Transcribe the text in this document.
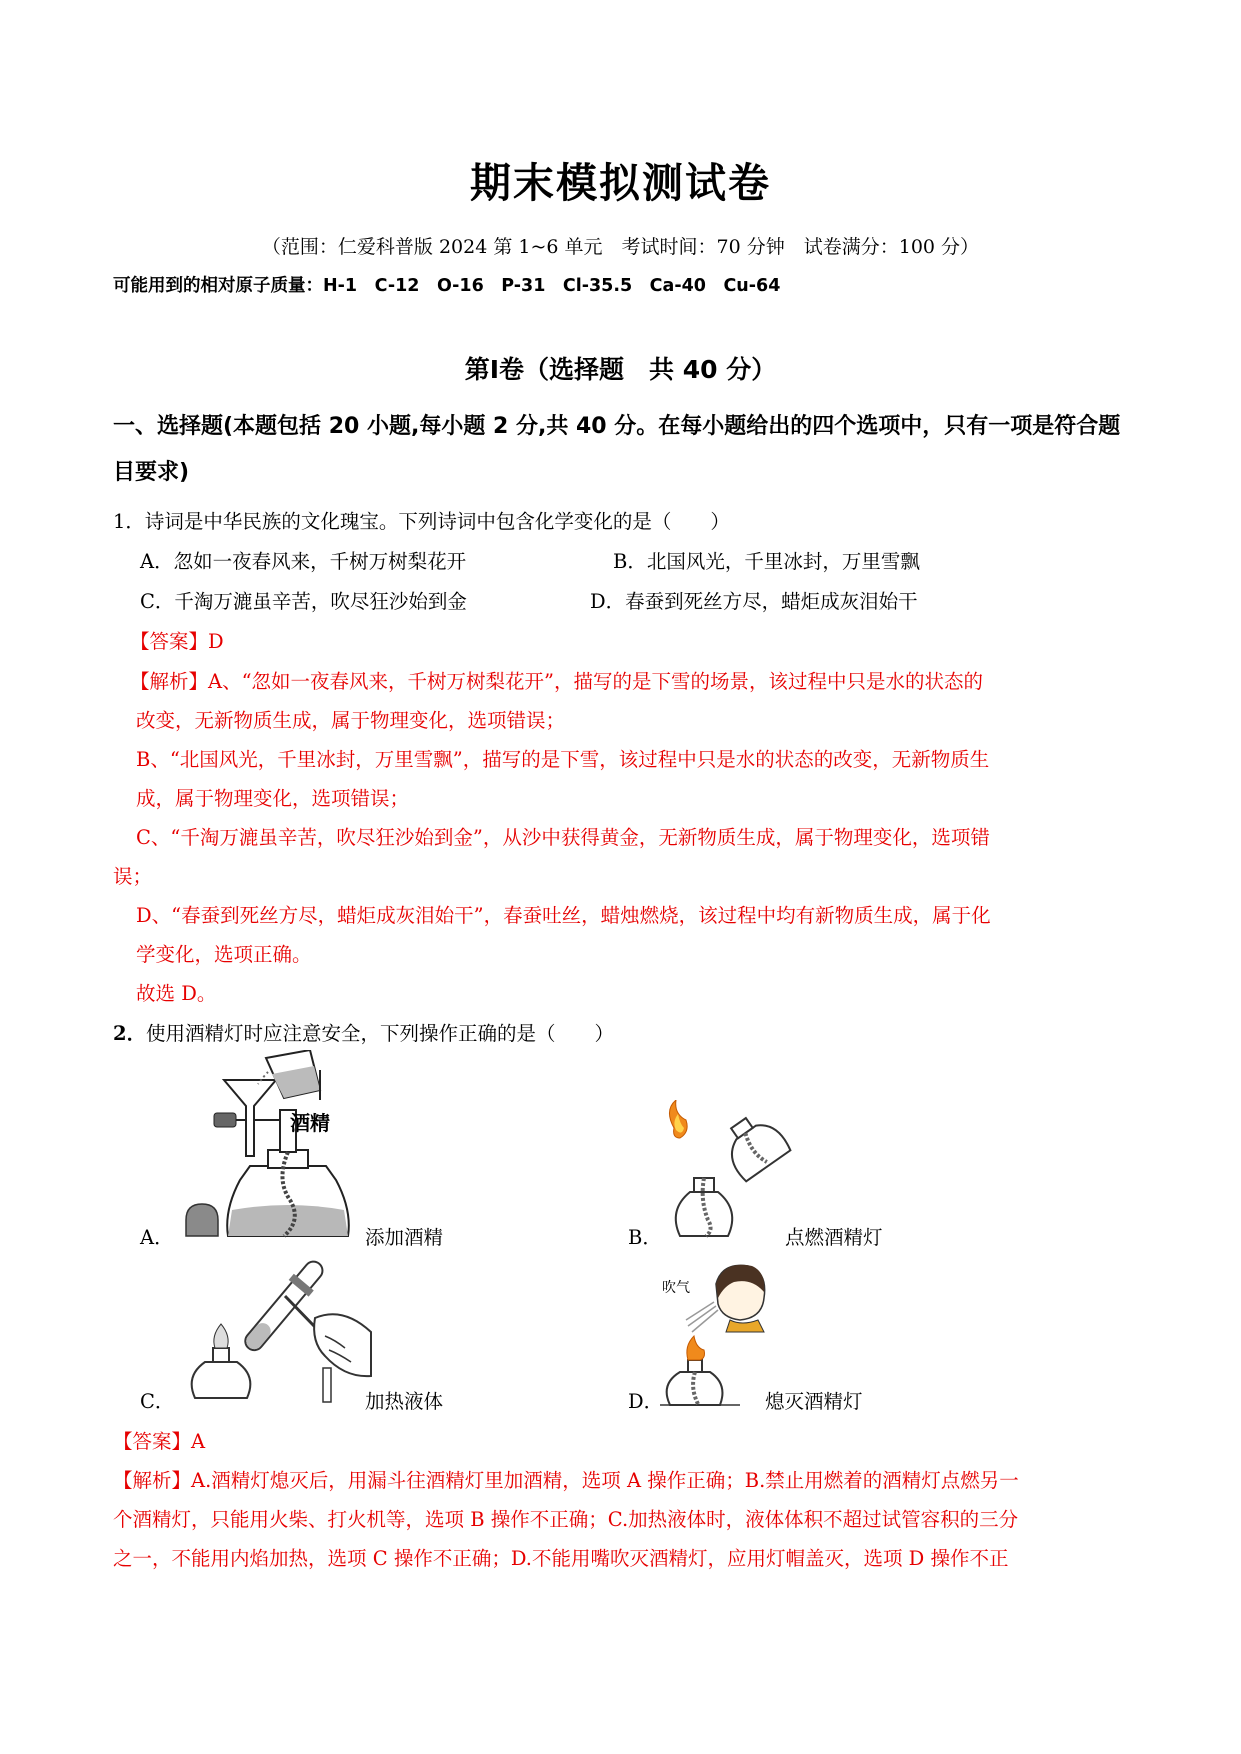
期末模拟测试卷
（范围：仁爱科普版 2024 第 1~6 单元　考试时间：70 分钟　试卷满分：100 分）
可能用到的相对原子质量：H-1　C-12　O-16　P-31　Cl-35.5　Ca-40　Cu-64
第Ⅰ卷（选择题　共 40 分）
一、选择题(本题包括 20 小题,每小题 2 分,共 40 分。在每小题给出的四个选项中，只有一项是符合题目要求)
1．诗词是中华民族的文化瑰宝。下列诗词中包含化学变化的是（　　）
A．忽如一夜春风来，千树万树梨花开	B．北国风光，千里冰封，万里雪飘
C．千淘万漉虽辛苦，吹尽狂沙始到金	D．春蚕到死丝方尽，蜡炬成灰泪始干
【答案】D
【解析】A、“忽如一夜春风来，千树万树梨花开”，描写的是下雪的场景，该过程中只是水的状态的
改变，无新物质生成，属于物理变化，选项错误；
B、“北国风光，千里冰封，万里雪飘”，描写的是下雪，该过程中只是水的状态的改变，无新物质生
成，属于物理变化，选项错误；
C、“千淘万漉虽辛苦，吹尽狂沙始到金”，从沙中获得黄金，无新物质生成，属于物理变化，选项错
误；
D、“春蚕到死丝方尽，蜡炬成灰泪始干”，春蚕吐丝，蜡烛燃烧，该过程中均有新物质生成，属于化
学变化，选项正确。
故选 D。
2． 使用酒精灯时应注意安全，下列操作正确的是（　　）
酒精
A．	添加酒精	B．	点燃酒精灯
C．	加热液体
吹气
D．	熄灭酒精灯
【答案】A
【解析】A.酒精灯熄灭后，用漏斗往酒精灯里加酒精，选项 A 操作正确；B.禁止用燃着的酒精灯点燃另一
个酒精灯，只能用火柴、打火机等，选项 B 操作不正确；C.加热液体时，液体体积不超过试管容积的三分
之一，不能用内焰加热，选项 C 操作不正确；D.不能用嘴吹灭酒精灯，应用灯帽盖灭，选项 D 操作不正
